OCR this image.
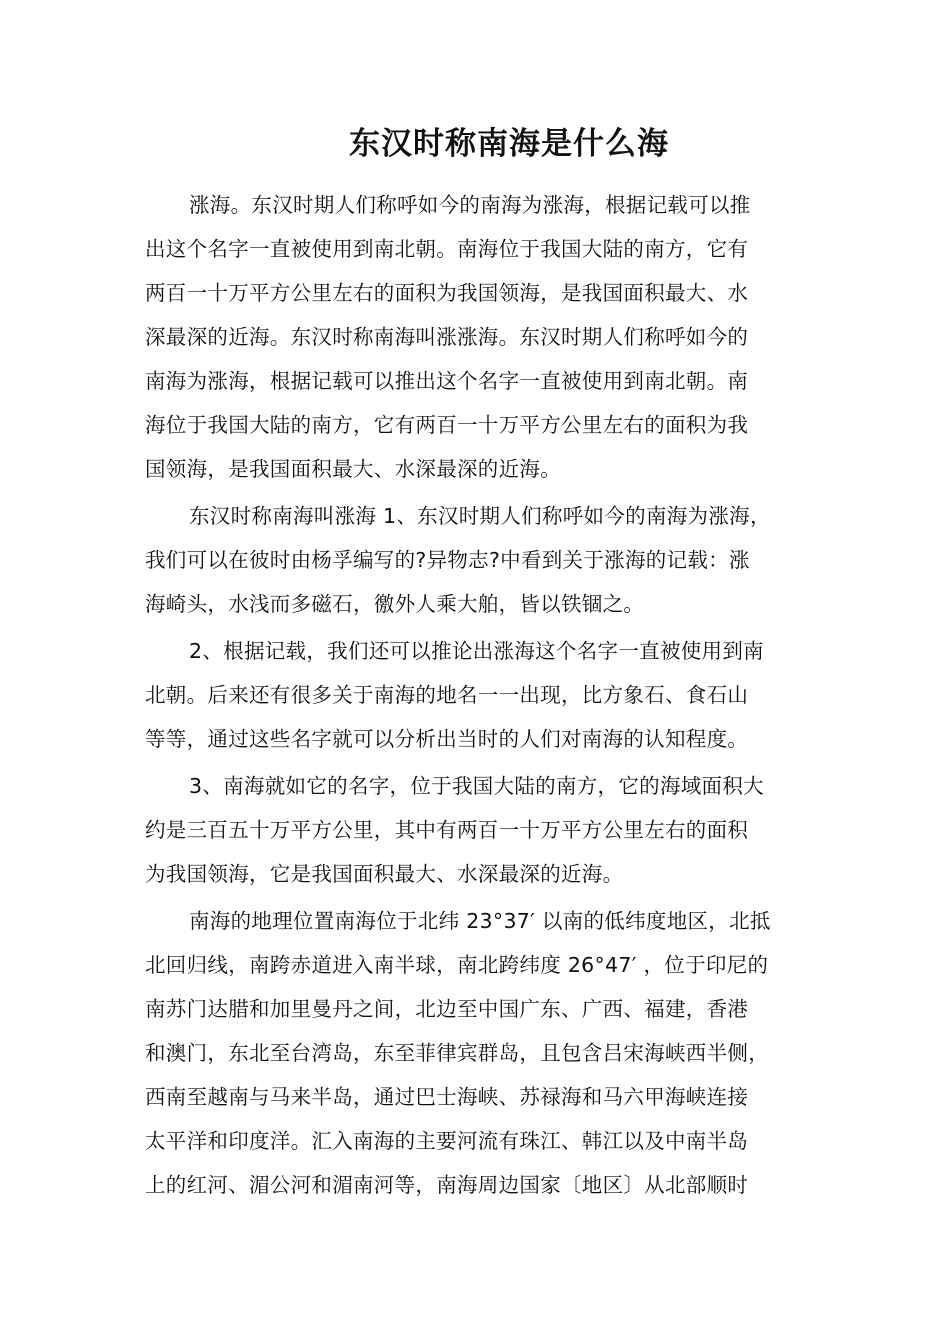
东汉时称南海是什么海
涨海。东汉时期人们称呼如今的南海为涨海，根据记载可以推
出这个名字一直被使用到南北朝。南海位于我国大陆的南方，它有
两百一十万平方公里左右的面积为我国领海，是我国面积最大、水
深最深的近海。东汉时称南海叫涨涨海。东汉时期人们称呼如今的
南海为涨海，根据记载可以推出这个名字一直被使用到南北朝。南
海位于我国大陆的南方，它有两百一十万平方公里左右的面积为我
国领海，是我国面积最大、水深最深的近海。
东汉时称南海叫涨海 1、东汉时期人们称呼如今的南海为涨海，
我们可以在彼时由杨孚编写的?异物志?中看到关于涨海的记载：涨
海崎头，水浅而多磁石，徼外人乘大舶，皆以铁锢之。
2、根据记载，我们还可以推论出涨海这个名字一直被使用到南
北朝。后来还有很多关于南海的地名一一出现，比方象石、食石山
等等，通过这些名字就可以分析出当时的人们对南海的认知程度。
3、南海就如它的名字，位于我国大陆的南方，它的海域面积大
约是三百五十万平方公里，其中有两百一十万平方公里左右的面积
为我国领海，它是我国面积最大、水深最深的近海。
南海的地理位置南海位于北纬 23°37′ 以南的低纬度地区，北抵
北回归线，南跨赤道进入南半球，南北跨纬度 26°47′ ，位于印尼的
南苏门达腊和加里曼丹之间，北边至中国广东、广西、福建，香港
和澳门，东北至台湾岛，东至菲律宾群岛，且包含吕宋海峡西半侧，
西南至越南与马来半岛，通过巴士海峡、苏禄海和马六甲海峡连接
太平洋和印度洋。汇入南海的主要河流有珠江、韩江以及中南半岛
上的红河、湄公河和湄南河等，南海周边国家〔地区〕从北部顺时
